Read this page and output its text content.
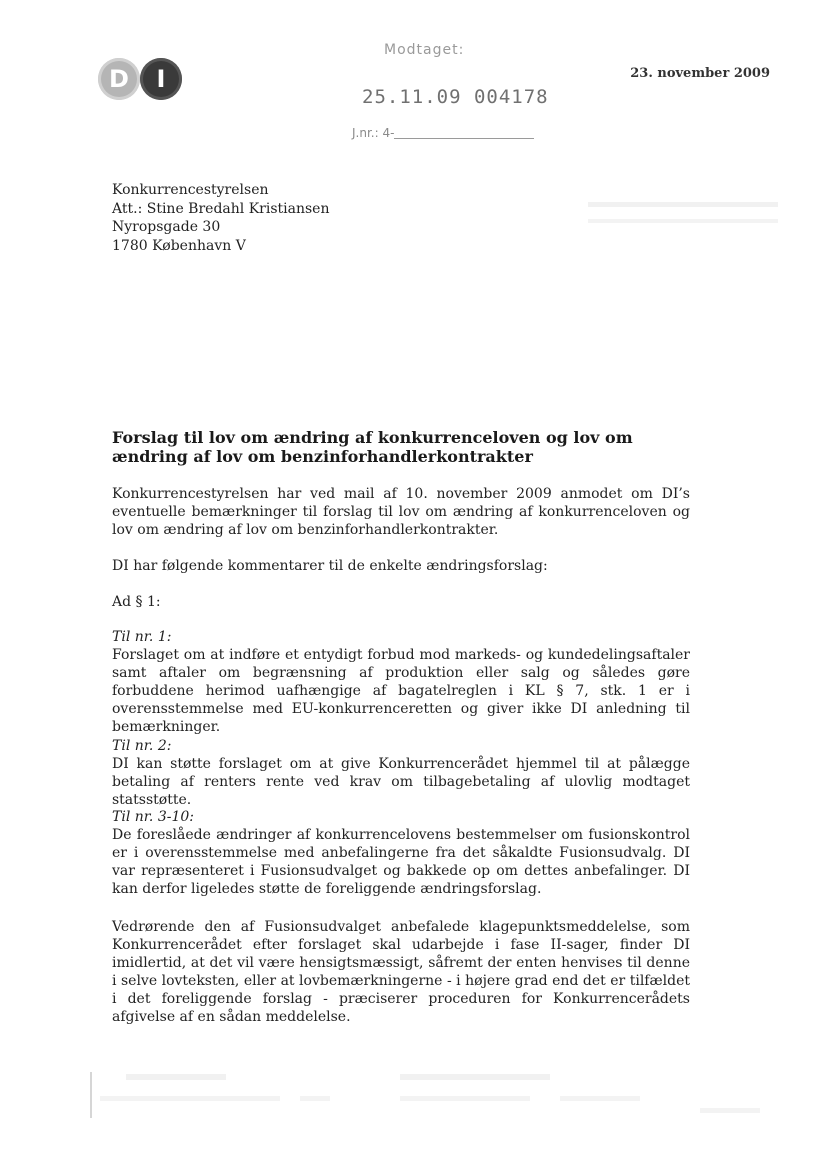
D I
Modtaget:
25.11.09 004178
J.nr.: 4-
23. november 2009
Konkurrencestyrelsen
Att.: Stine Bredahl Kristiansen
Nyropsgade 30
1780 København V
Forslag til lov om ændring af konkurrenceloven og lov om ændring af lov om benzinforhandlerkontrakter
Konkurrencestyrelsen har ved mail af 10. november 2009 anmodet om DI’s eventuelle bemærkninger til forslag til lov om ændring af konkurrenceloven og lov om ændring af lov om benzinforhandlerkontrakter.
DI har følgende kommentarer til de enkelte ændringsforslag:
Ad § 1:
Til nr. 1:
Forslaget om at indføre et entydigt forbud mod markeds- og kundedelingsaftaler samt aftaler om begrænsning af produktion eller salg og således gøre forbuddene herimod uafhængige af bagatelreglen i KL § 7, stk. 1 er i overensstemmelse med EU-konkurrenceretten og giver ikke DI anledning til bemærkninger.
Til nr. 2:
DI kan støtte forslaget om at give Konkurrencerådet hjemmel til at pålægge betaling af renters rente ved krav om tilbagebetaling af ulovlig modtaget statsstøtte.
Til nr. 3-10:
De foreslåede ændringer af konkurrencelovens bestemmelser om fusionskontrol er i overensstemmelse med anbefalingerne fra det såkaldte Fusionsudvalg. DI var repræsenteret i Fusionsudvalget og bakkede op om dettes anbefalinger. DI kan derfor ligeledes støtte de foreliggende ændringsforslag.
Vedrørende den af Fusionsudvalget anbefalede klagepunktsmeddelelse, som Konkurrencerådet efter forslaget skal udarbejde i fase II-sager, finder DI imidlertid, at det vil være hensigtsmæssigt, såfremt der enten henvises til denne i selve lovteksten, eller at lovbemærkningerne - i højere grad end det er tilfældet i det foreliggende forslag - præciserer proceduren for Konkurrencerådets afgivelse af en sådan meddelelse.
